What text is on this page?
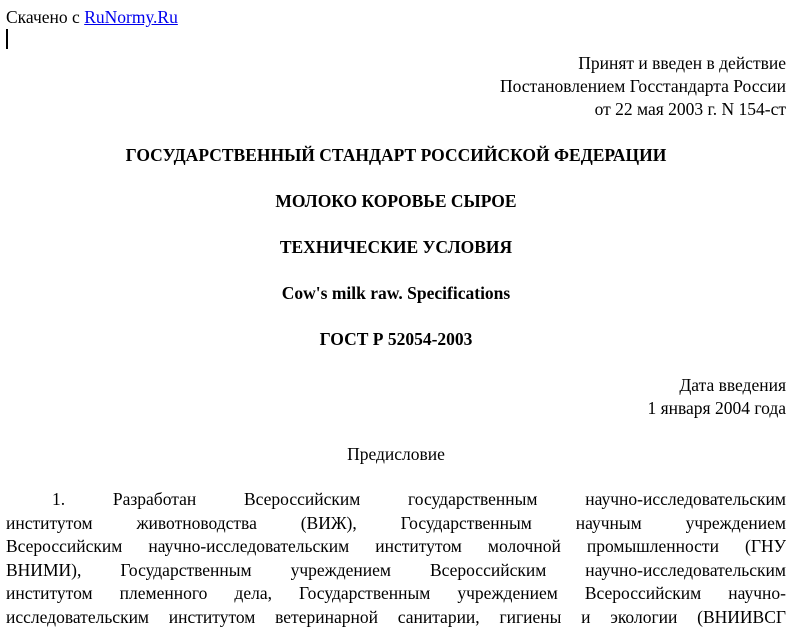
Скачено с RuNormy.Ru
Принят и введен в действие
Постановлением Госстандарта России
от 22 мая 2003 г. N 154-ст
ГОСУДАРСТВЕННЫЙ СТАНДАРТ РОССИЙСКОЙ ФЕДЕРАЦИИ
МОЛОКО КОРОВЬЕ СЫРОЕ
ТЕХНИЧЕСКИЕ УСЛОВИЯ
Cow's milk raw. Specifications
ГОСТ Р 52054-2003
Дата введения
1 января 2004 года
Предисловие
1. Разработан Всероссийским государственным научно-исследовательским
институтом животноводства (ВИЖ), Государственным научным учреждением
Всероссийским научно-исследовательским институтом молочной промышленности (ГНУ
ВНИМИ), Государственным учреждением Всероссийским научно-исследовательским
институтом племенного дела, Государственным учреждением Всероссийским научно-
исследовательским институтом ветеринарной санитарии, гигиены и экологии (ВНИИВСГ
